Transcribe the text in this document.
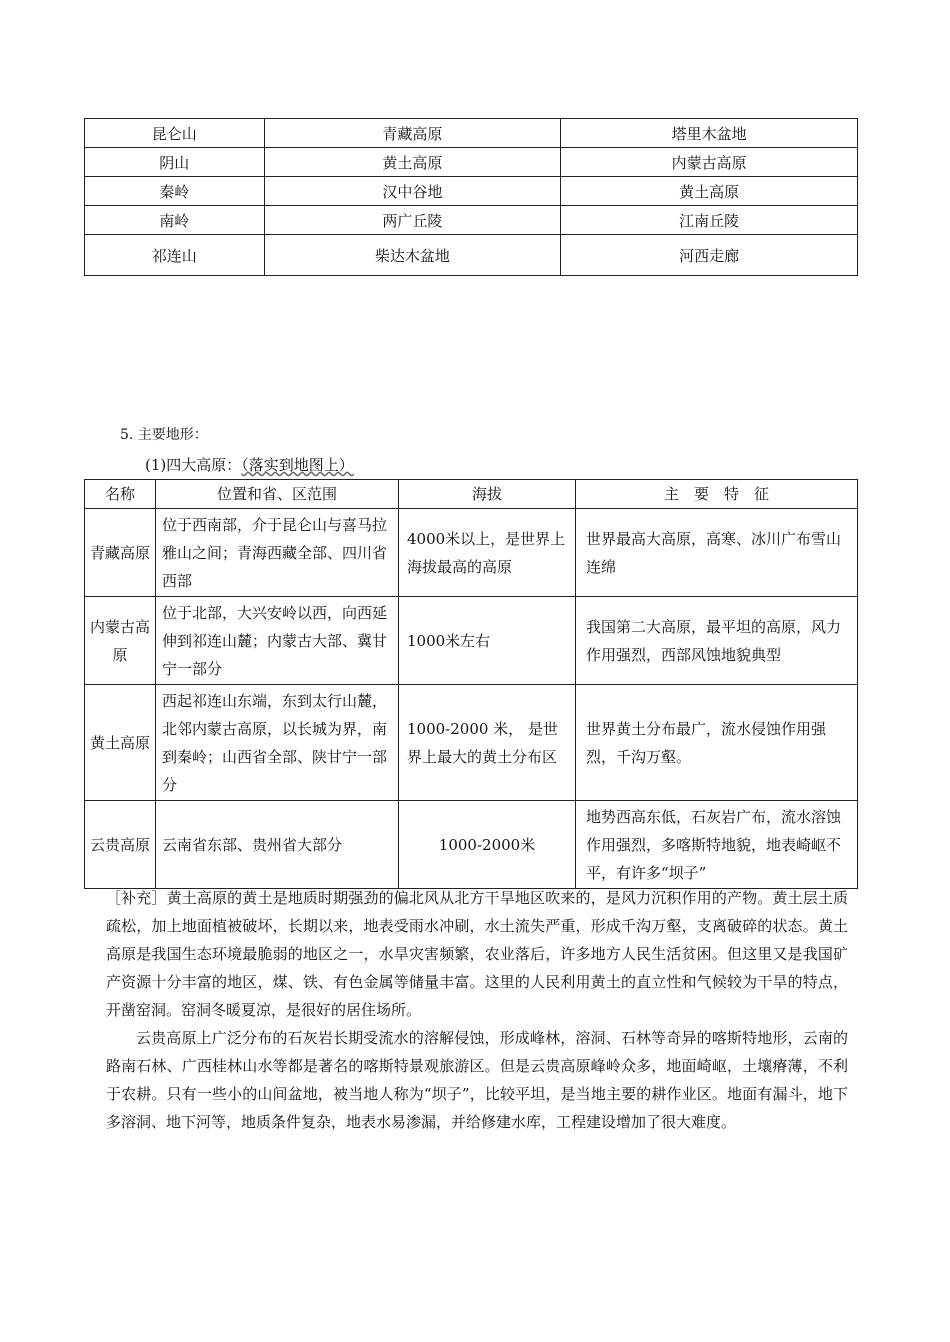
昆仑山	青藏高原	塔里木盆地
阴山	黄土高原	内蒙古高原
秦岭	汉中谷地	黄土高原
南岭	两广丘陵	江南丘陵
祁连山	柴达木盆地	河西走廊
5. 主要地形：
(1)四大高原：（落实到地图上）
名称	位置和省、区范围	海拔	主　要　特　征
青藏高原	位于西南部，介于昆仑山与喜马拉雅山之间；青海西藏全部、四川省西部	4000米以上，是世界上海拔最高的高原	世界最高大高原，高寒、冰川广布雪山连绵
内蒙古高原	位于北部，大兴安岭以西，向西延伸到祁连山麓；内蒙古大部、冀甘宁一部分	1000米左右	我国第二大高原，最平坦的高原，风力作用强烈，西部风蚀地貌典型
黄土高原	西起祁连山东端，东到太行山麓，北邻内蒙古高原，以长城为界，南到秦岭；山西省全部、陕甘宁一部分	1000-2000 米， 是世界上最大的黄土分布区	世界黄土分布最广，流水侵蚀作用强烈，千沟万壑。
云贵高原	云南省东部、贵州省大部分	1000-2000米	地势西高东低，石灰岩广布，流水溶蚀作用强烈，多喀斯特地貌，地表崎岖不平，有许多“坝子”
［补充］黄土高原的黄土是地质时期强劲的偏北风从北方干旱地区吹来的，是风力沉积作用的产物。黄土层土质疏松，加上地面植被破坏，长期以来，地表受雨水冲刷，水土流失严重，形成千沟万壑，支离破碎的状态。黄土高原是我国生态环境最脆弱的地区之一，水旱灾害频繁，农业落后，许多地方人民生活贫困。但这里又是我国矿产资源十分丰富的地区，煤、铁、有色金属等储量丰富。这里的人民利用黄土的直立性和气候较为干旱的特点，开凿窑洞。窑洞冬暖夏凉，是很好的居住场所。
云贵高原上广泛分布的石灰岩长期受流水的溶解侵蚀，形成峰林，溶洞、石林等奇异的喀斯特地形，云南的路南石林、广西桂林山水等都是著名的喀斯特景观旅游区。但是云贵高原峰岭众多，地面崎岖，土壤瘠薄，不利于农耕。只有一些小的山间盆地，被当地人称为“坝子”，比较平坦，是当地主要的耕作业区。地面有漏斗，地下多溶洞、地下河等，地质条件复杂，地表水易渗漏，并给修建水库，工程建设增加了很大难度。
